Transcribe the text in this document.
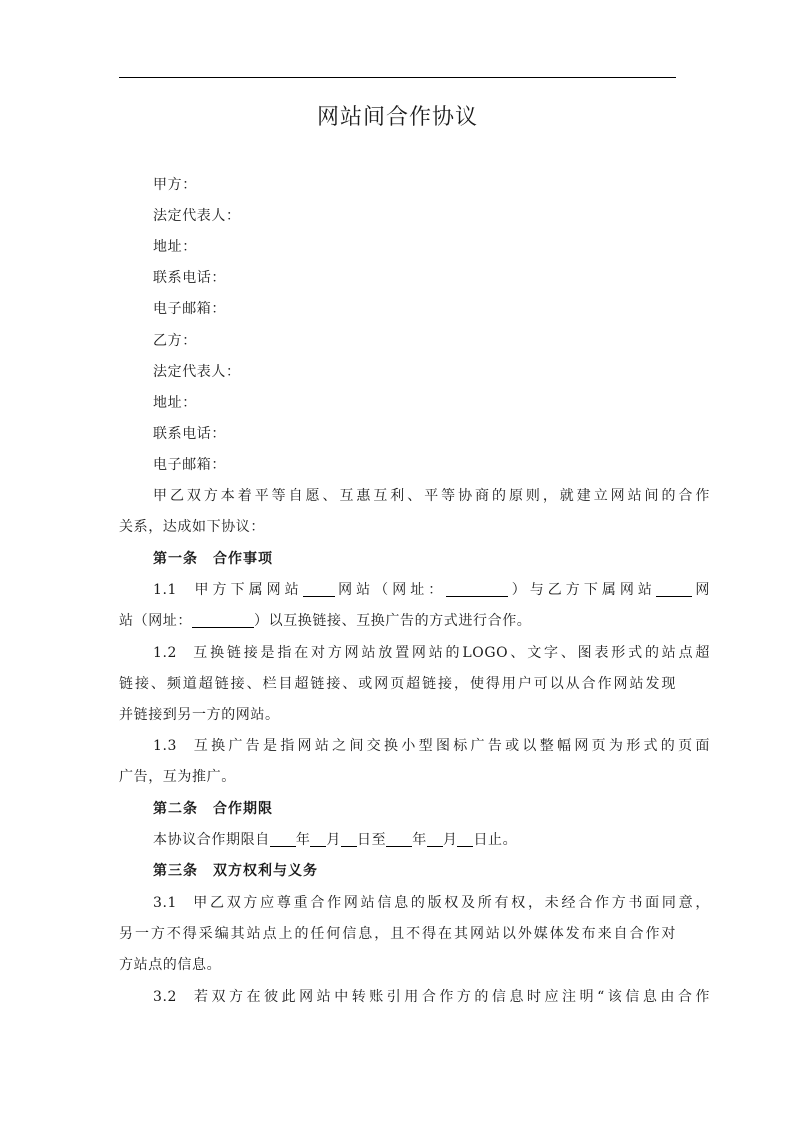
网站间合作协议
甲方：
法定代表人：
地址：
联系电话：
电子邮箱：
乙方：
法定代表人：
地址：
联系电话：
电子邮箱：
甲乙双方本着平等自愿、互惠互利、平等协商的原则，就建立网站间的合作
关系，达成如下协议：
第一条　合作事项
1.1 甲方下属网站 网站（网址：	）与乙方下属网站	网
站（网址：	）以互换链接、互换广告的方式进行合作。
1.2 互换链接是指在对方网站放置网站的LOGO、文字、图表形式的站点超
链接、频道超链接、栏目超链接、或网页超链接，使得用户可以从合作网站发现
并链接到另一方的网站。
1.3 互换广告是指网站之间交换小型图标广告或以整幅网页为形式的页面
广告，互为推广。
第二条　合作期限
本协议合作期限自 年 月 日至 年 月 日止。
第三条　双方权利与义务
3.1 甲乙双方应尊重合作网站信息的版权及所有权，未经合作方书面同意，
另一方不得采编其站点上的任何信息，且不得在其网站以外媒体发布来自合作对
方站点的信息。
3.2 若双方在彼此网站中转账引用合作方的信息时应注明“该信息由合作
